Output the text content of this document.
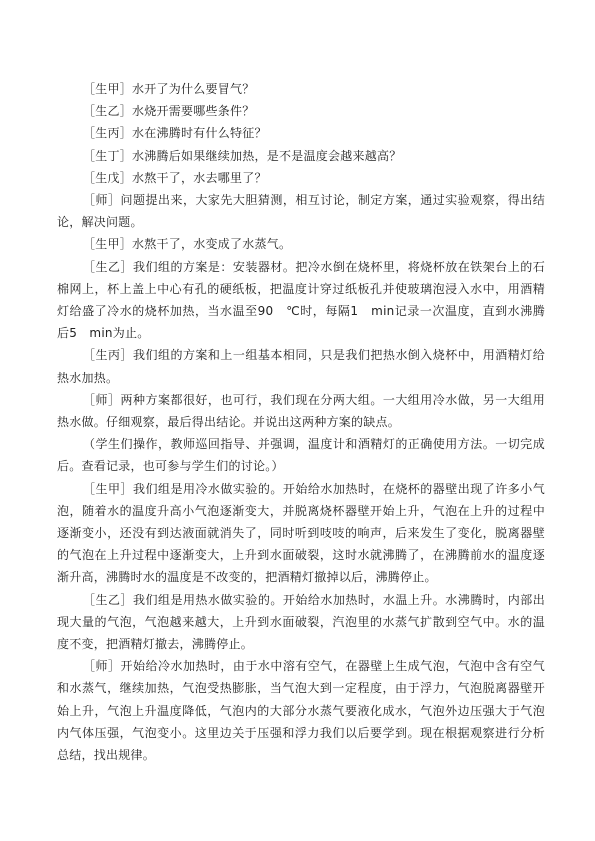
［生甲］水开了为什么要冒气？

［生乙］水烧开需要哪些条件？

［生丙］水在沸腾时有什么特征？

［生丁］水沸腾后如果继续加热，是不是温度会越来越高？

［生戊］水熬干了，水去哪里了？

［师］问题提出来，大家先大胆猜测，相互讨论，制定方案，通过实验观察，得出结论，解决问题。

［生甲］水熬干了，水变成了水蒸气。

［生乙］我们组的方案是：安装器材。把冷水倒在烧杯里，将烧杯放在铁架台上的石棉网上，杯上盖上中心有孔的硬纸板，把温度计穿过纸板孔并使玻璃泡浸入水中，用酒精灯给盛了冷水的烧杯加热，当水温至90　℃时，每隔1　min记录一次温度，直到水沸腾后5　min为止。

［生丙］我们组的方案和上一组基本相同，只是我们把热水倒入烧杯中，用酒精灯给热水加热。

［师］两种方案都很好，也可行，我们现在分两大组。一大组用冷水做，另一大组用热水做。仔细观察，最后得出结论。并说出这两种方案的缺点。

（学生们操作，教师巡回指导、并强调，温度计和酒精灯的正确使用方法。一切完成后。查看记录，也可参与学生们的讨论。）

［生甲］我们组是用冷水做实验的。开始给水加热时，在烧杯的器壁出现了许多小气泡，随着水的温度升高小气泡逐渐变大，并脱离烧杯器壁开始上升，气泡在上升的过程中逐渐变小，还没有到达液面就消失了，同时听到吱吱的响声，后来发生了变化，脱离器壁的气泡在上升过程中逐渐变大，上升到水面破裂，这时水就沸腾了，在沸腾前水的温度逐渐升高，沸腾时水的温度是不改变的，把酒精灯撤掉以后，沸腾停止。

［生乙］我们组是用热水做实验的。开始给水加热时，水温上升。水沸腾时，内部出现大量的气泡，气泡越来越大，上升到水面破裂，汽泡里的水蒸气扩散到空气中。水的温度不变，把酒精灯撤去，沸腾停止。

［师］开始给冷水加热时，由于水中溶有空气，在器壁上生成气泡，气泡中含有空气和水蒸气，继续加热，气泡受热膨胀，当气泡大到一定程度，由于浮力，气泡脱离器壁开始上升，气泡上升温度降低，气泡内的大部分水蒸气要液化成水，气泡外边压强大于气泡内气体压强，气泡变小。这里边关于压强和浮力我们以后要学到。现在根据观察进行分析总结，找出规律。
